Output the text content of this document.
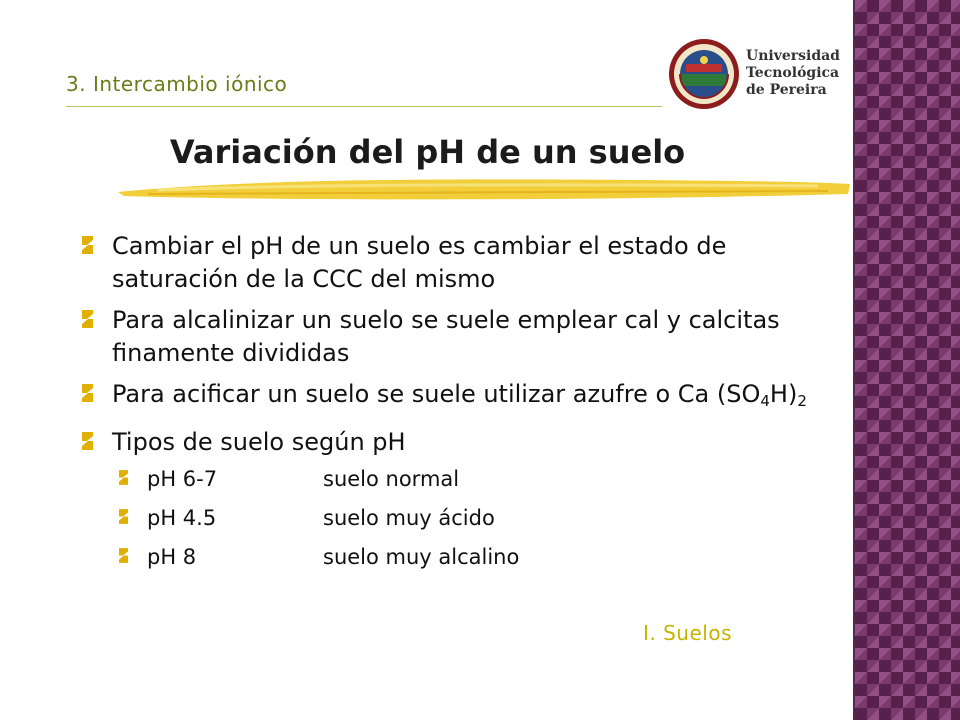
3. Intercambio iónico
Universidad
Tecnológica
de Pereira
Variación del pH de un suelo
Cambiar el pH de un suelo es cambiar el estado de saturación de la CCC del mismo
Para alcalinizar un suelo se suele emplear cal y calcitas finamente divididas
Para acificar un suelo se suele utilizar azufre o Ca $(SO_4H)_2$
Tipos de suelo según pH
pH 6-7	suelo normal
pH 4.5	suelo muy ácido
pH 8	suelo muy alcalino
I. Suelos
